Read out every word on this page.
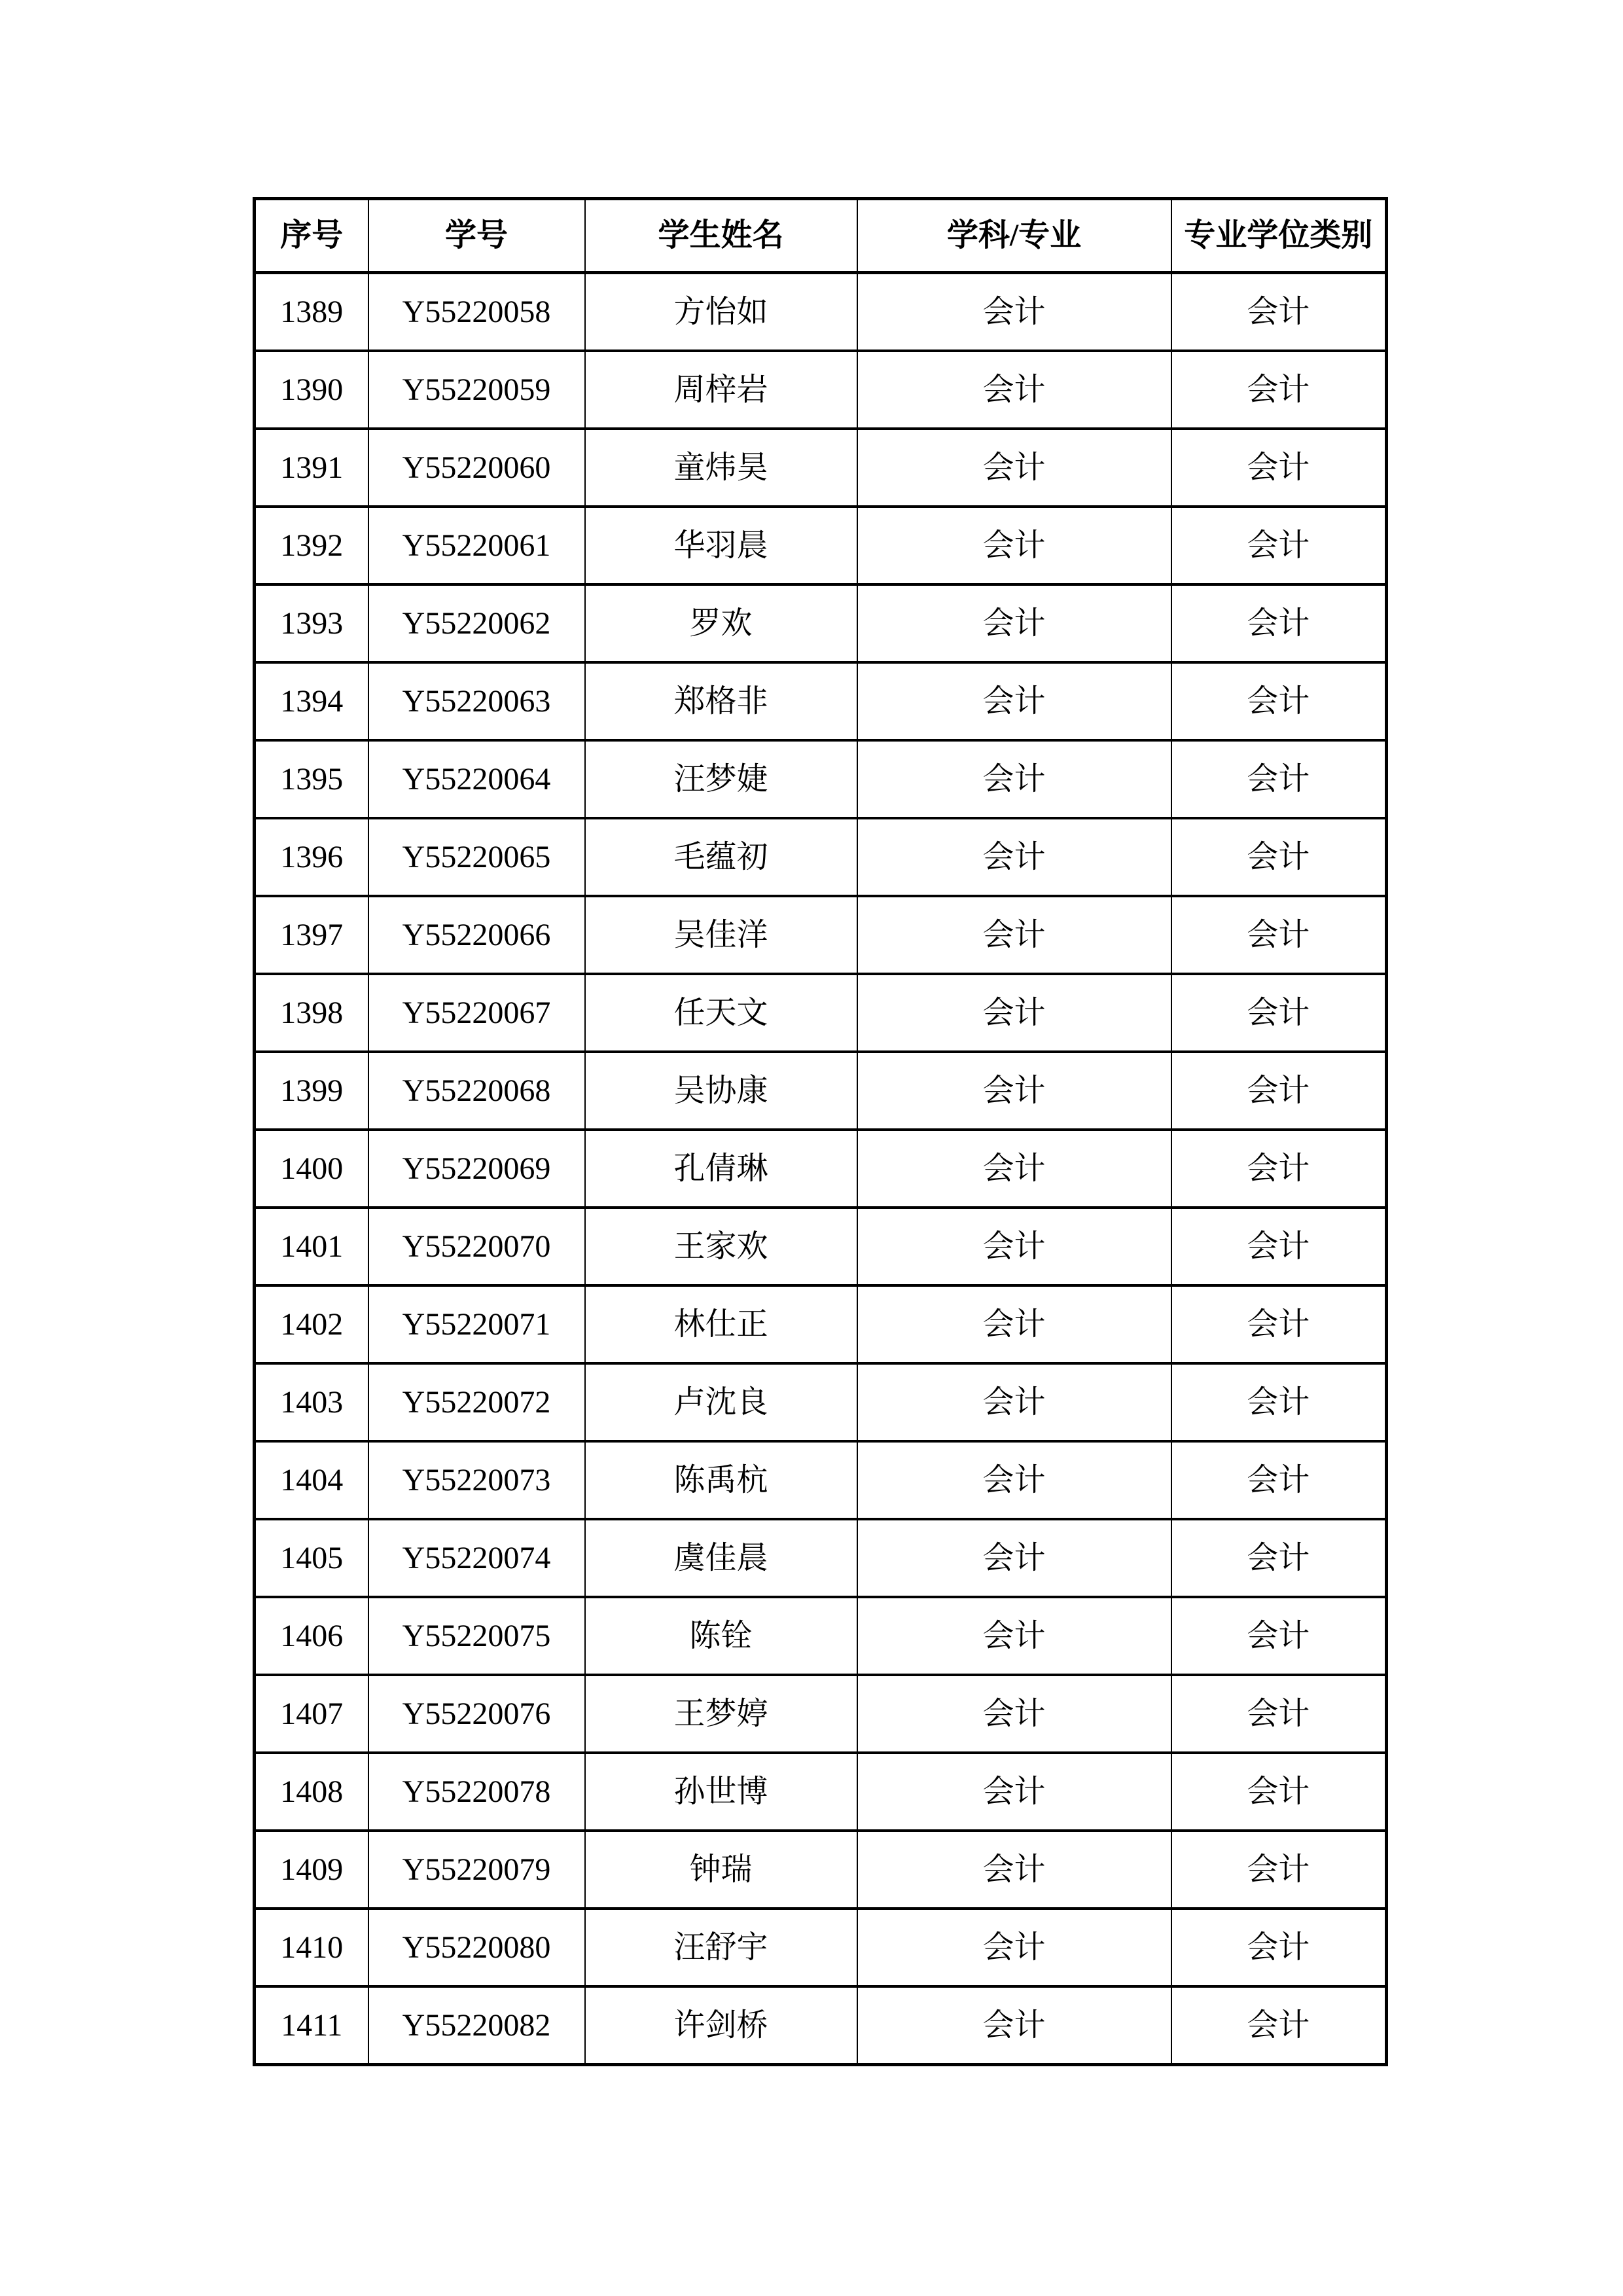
序号	学号	学生姓名	学科/专业	专业学位类别
1389	Y55220058	方怡如	会计	会计
1390	Y55220059	周梓岩	会计	会计
1391	Y55220060	童炜昊	会计	会计
1392	Y55220061	华羽晨	会计	会计
1393	Y55220062	罗欢	会计	会计
1394	Y55220063	郑格非	会计	会计
1395	Y55220064	汪梦婕	会计	会计
1396	Y55220065	毛蕴初	会计	会计
1397	Y55220066	吴佳洋	会计	会计
1398	Y55220067	任天文	会计	会计
1399	Y55220068	吴协康	会计	会计
1400	Y55220069	孔倩琳	会计	会计
1401	Y55220070	王家欢	会计	会计
1402	Y55220071	林仕正	会计	会计
1403	Y55220072	卢沈良	会计	会计
1404	Y55220073	陈禹杭	会计	会计
1405	Y55220074	虞佳晨	会计	会计
1406	Y55220075	陈铨	会计	会计
1407	Y55220076	王梦婷	会计	会计
1408	Y55220078	孙世博	会计	会计
1409	Y55220079	钟瑞	会计	会计
1410	Y55220080	汪舒宇	会计	会计
1411	Y55220082	许剑桥	会计	会计
